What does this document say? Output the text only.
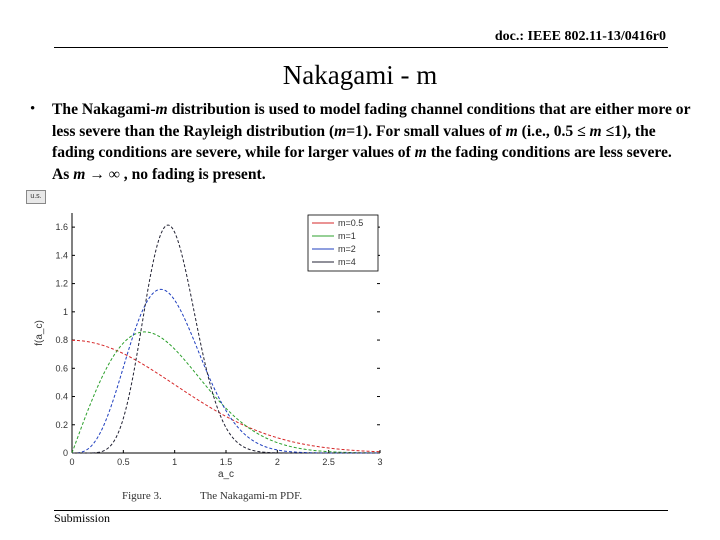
doc.: IEEE 802.11-13/0416r0
Nakagami - m
• The Nakagami-m distribution is used to model fading channel conditions that are either more or less severe than the Rayleigh distribution (m=1). For small values of m (i.e., 0.5 ≤ m ≤1), the fading conditions are severe, while for larger values of m the fading conditions are less severe. As m → ∞ , no fading is present.
u.s.
0	0.5	1	1.5	2	2.5	3
0
0.2
0.4
0.6
0.8
1
1.2
1.4
1.6
a_c
f(a_c)
m=0.5
m=1
m=2
m=4
Figure 3.	The Nakagami-m PDF.
Submission
